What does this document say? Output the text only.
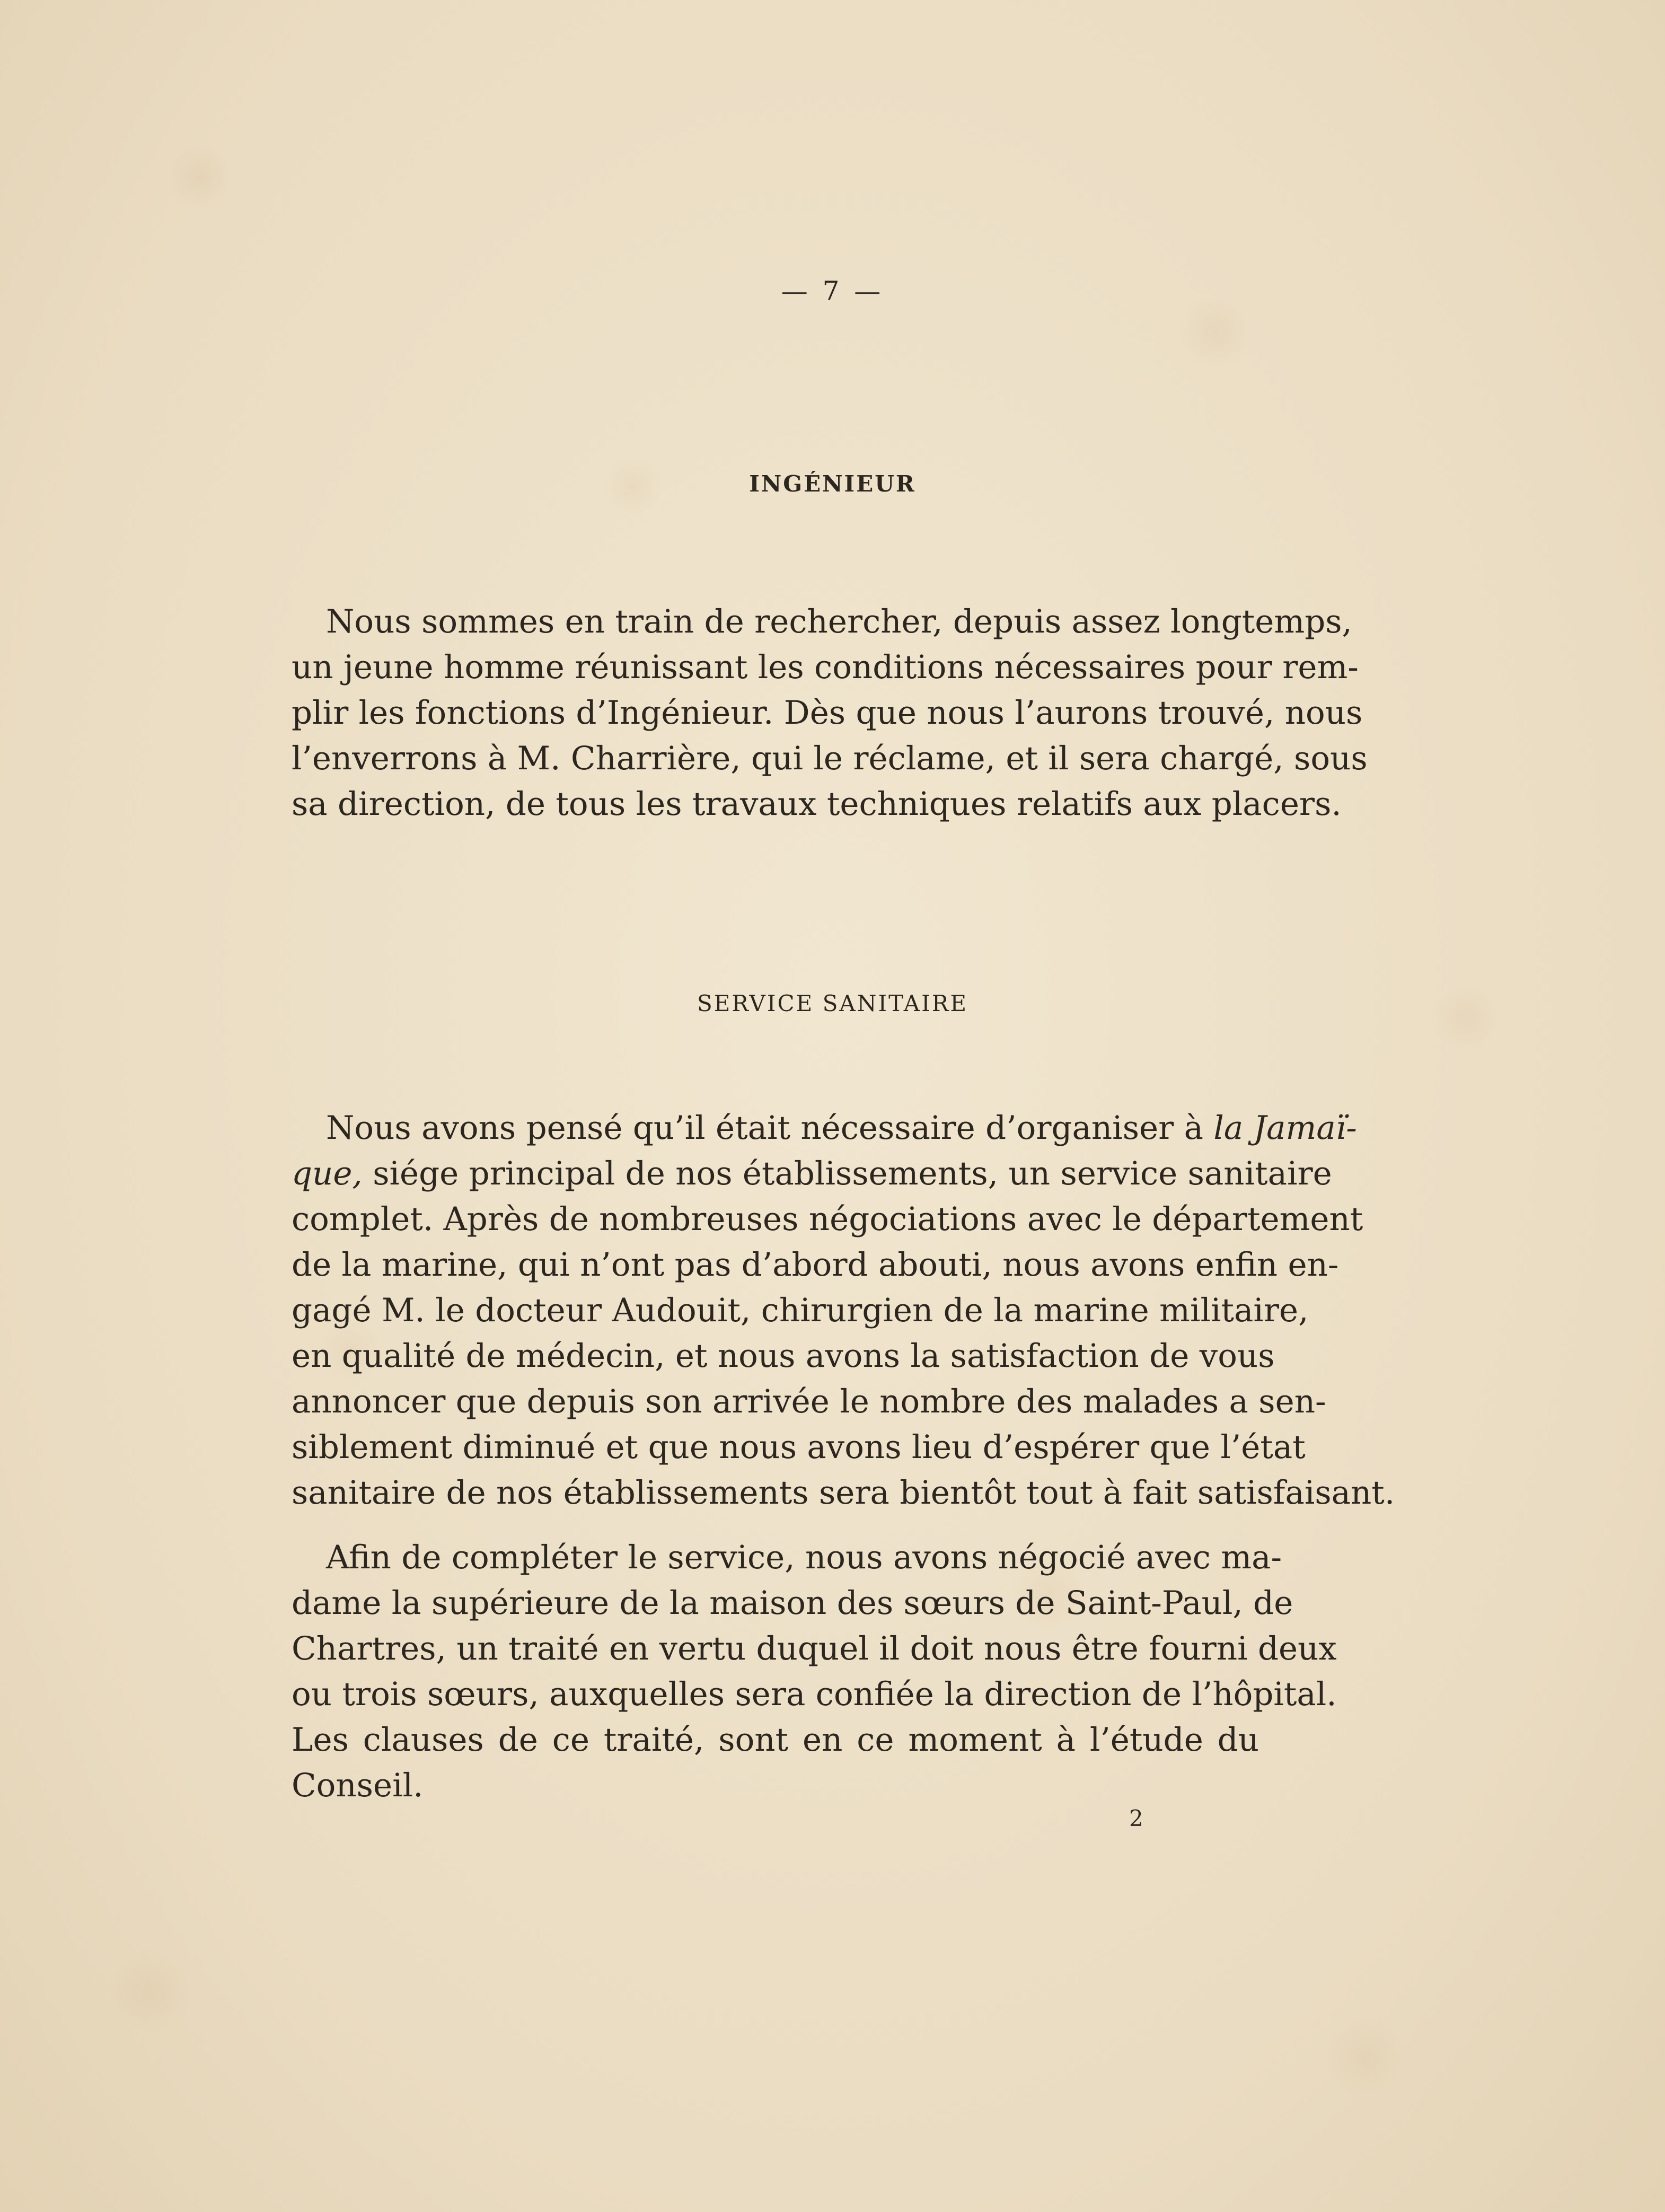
— 7 —
INGÉNIEUR
Nous sommes en train de rechercher, depuis assez longtemps,
un jeune homme réunissant les conditions nécessaires pour rem-
plir les fonctions d’Ingénieur. Dès que nous l’aurons trouvé, nous
l’enverrons à M. Charrière, qui le réclame, et il sera chargé, sous
sa direction, de tous les travaux techniques relatifs aux placers.
SERVICE SANITAIRE
Nous avons pensé qu’il était nécessaire d’organiser à la Jamaï-
que, siége principal de nos établissements, un service sanitaire
complet. Après de nombreuses négociations avec le département
de la marine, qui n’ont pas d’abord abouti, nous avons enfin en-
gagé M. le docteur Audouit, chirurgien de la marine militaire,
en qualité de médecin, et nous avons la satisfaction de vous
annoncer que depuis son arrivée le nombre des malades a sen-
siblement diminué et que nous avons lieu d’espérer que l’état
sanitaire de nos établissements sera bientôt tout à fait satisfaisant.
Afin de compléter le service, nous avons négocié avec ma-
dame la supérieure de la maison des sœurs de Saint-Paul, de
Chartres, un traité en vertu duquel il doit nous être fourni deux
ou trois sœurs, auxquelles sera confiée la direction de l’hôpital.
Les clauses de ce traité, sont en ce moment à l’étude du
Conseil.
2
